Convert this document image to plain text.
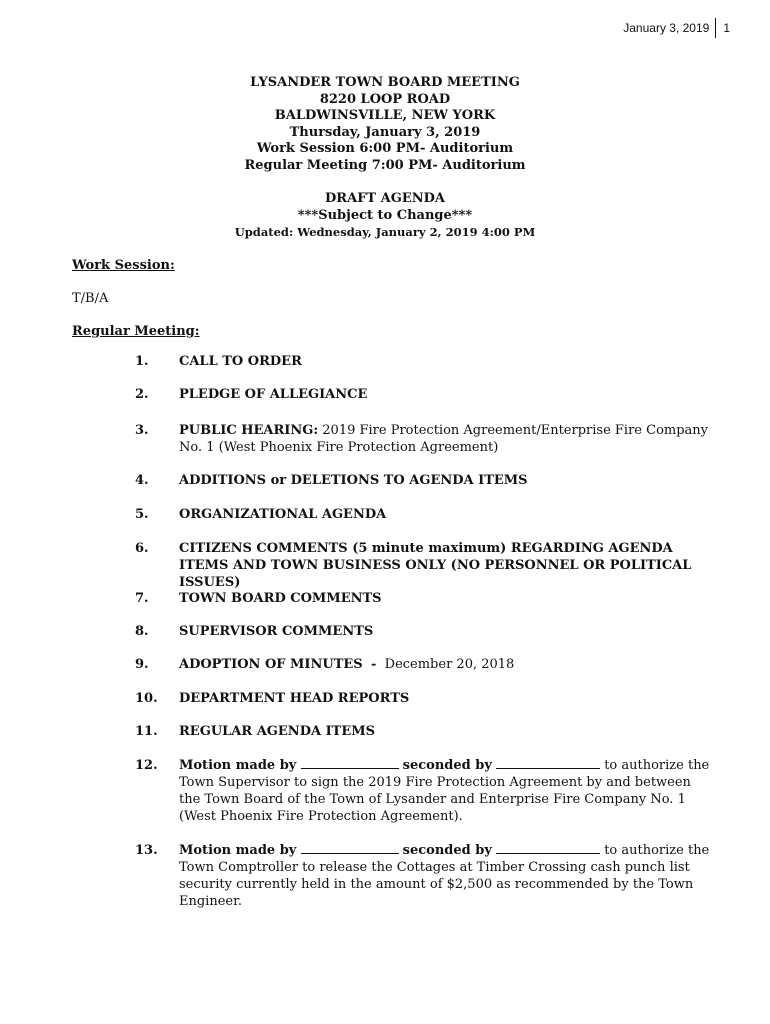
January 3, 2019 1
LYSANDER TOWN BOARD MEETING
8220 LOOP ROAD
BALDWINSVILLE, NEW YORK
Thursday, January 3, 2019
Work Session 6:00 PM- Auditorium
Regular Meeting 7:00 PM- Auditorium
DRAFT AGENDA
***Subject to Change***
Updated: Wednesday, January 2, 2019 4:00 PM
Work Session:
T/B/A
Regular Meeting:
1. CALL TO ORDER
2. PLEDGE OF ALLEGIANCE
3. PUBLIC HEARING: 2019 Fire Protection Agreement/Enterprise Fire Company No. 1 (West Phoenix Fire Protection Agreement)
4. ADDITIONS or DELETIONS TO AGENDA ITEMS
5. ORGANIZATIONAL AGENDA
6. CITIZENS COMMENTS (5 minute maximum) REGARDING AGENDA ITEMS AND TOWN BUSINESS ONLY (NO PERSONNEL OR POLITICAL ISSUES)
7. TOWN BOARD COMMENTS
8. SUPERVISOR COMMENTS
9. ADOPTION OF MINUTES - December 20, 2018
10. DEPARTMENT HEAD REPORTS
11. REGULAR AGENDA ITEMS
12. Motion made by	seconded by	to authorize the Town Supervisor to sign the 2019 Fire Protection Agreement by and between the Town Board of the Town of Lysander and Enterprise Fire Company No. 1 (West Phoenix Fire Protection Agreement).
13. Motion made by	seconded by	to authorize the Town Comptroller to release the Cottages at Timber Crossing cash punch list security currently held in the amount of $2,500 as recommended by the Town Engineer.
